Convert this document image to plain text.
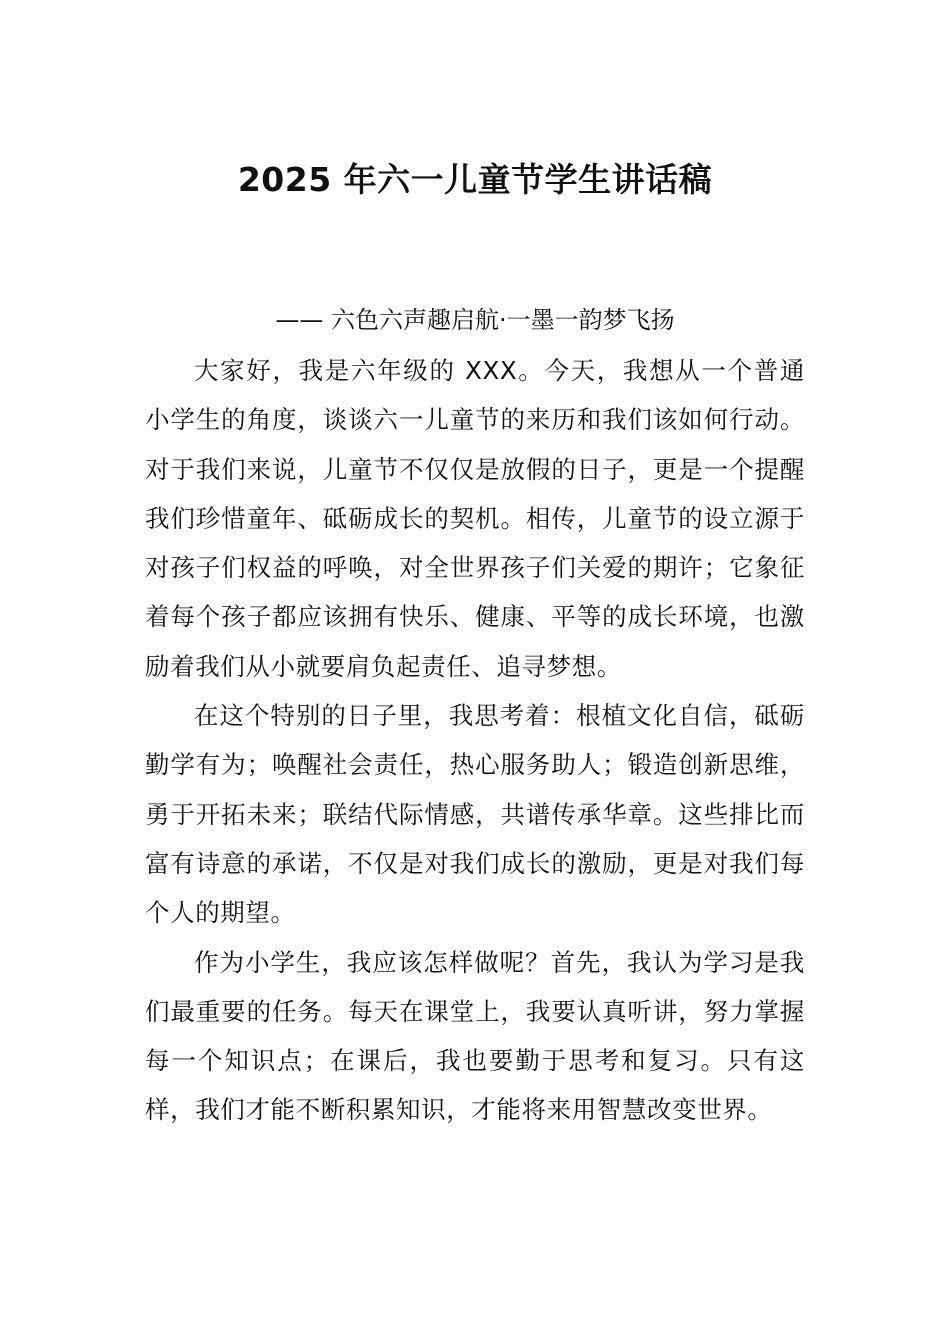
2025 年六一儿童节学生讲话稿

—— 六色六声趣启航·一墨一韵梦飞扬

大家好，我是六年级的 XXX。今天，我想从一个普通小学生的角度，谈谈六一儿童节的来历和我们该如何行动。对于我们来说，儿童节不仅仅是放假的日子，更是一个提醒我们珍惜童年、砥砺成长的契机。相传，儿童节的设立源于对孩子们权益的呼唤，对全世界孩子们关爱的期许；它象征着每个孩子都应该拥有快乐、健康、平等的成长环境，也激励着我们从小就要肩负起责任、追寻梦想。

在这个特别的日子里，我思考着：根植文化自信，砥砺勤学有为；唤醒社会责任，热心服务助人；锻造创新思维，勇于开拓未来；联结代际情感，共谱传承华章。这些排比而富有诗意的承诺，不仅是对我们成长的激励，更是对我们每个人的期望。

作为小学生，我应该怎样做呢？首先，我认为学习是我们最重要的任务。每天在课堂上，我要认真听讲，努力掌握每一个知识点；在课后，我也要勤于思考和复习。只有这样，我们才能不断积累知识，才能将来用智慧改变世界。
